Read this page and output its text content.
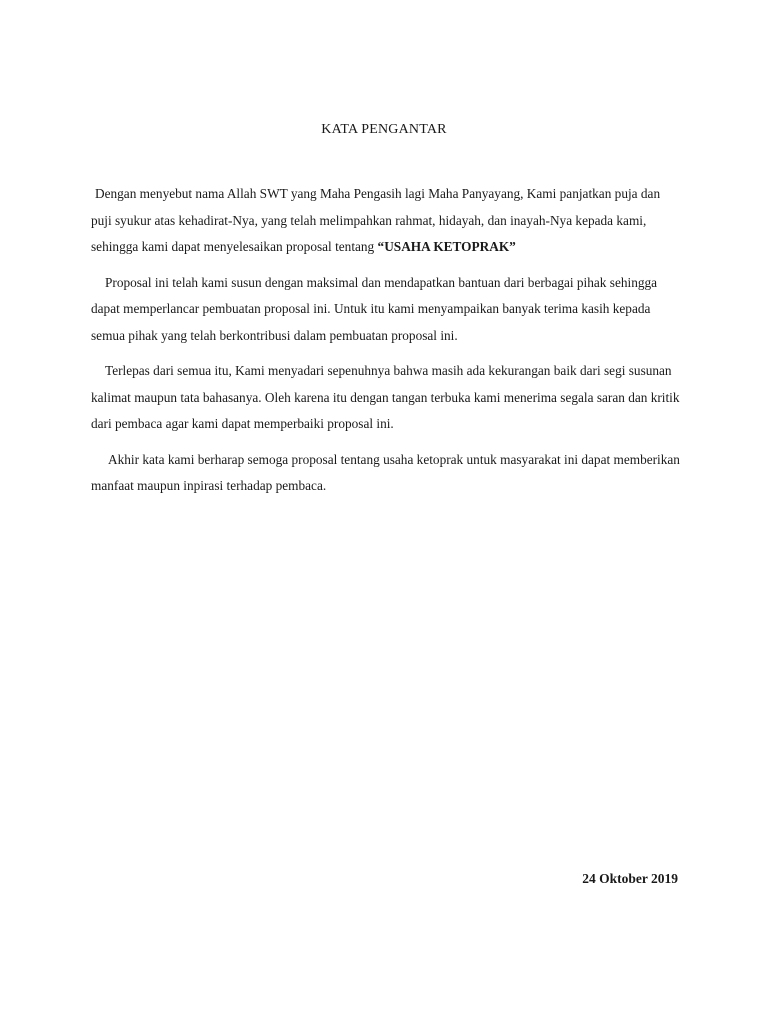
KATA PENGANTAR

Dengan menyebut nama Allah SWT yang Maha Pengasih lagi Maha Panyayang, Kami panjatkan puja dan puji syukur atas kehadirat-Nya, yang telah melimpahkan rahmat, hidayah, dan inayah-Nya kepada kami, sehingga kami dapat menyelesaikan proposal tentang “USAHA KETOPRAK”

Proposal ini telah kami susun dengan maksimal dan mendapatkan bantuan dari berbagai pihak sehingga dapat memperlancar pembuatan proposal ini. Untuk itu kami menyampaikan banyak terima kasih kepada semua pihak yang telah berkontribusi dalam pembuatan proposal ini.

Terlepas dari semua itu, Kami menyadari sepenuhnya bahwa masih ada kekurangan baik dari segi susunan kalimat maupun tata bahasanya. Oleh karena itu dengan tangan terbuka kami menerima segala saran dan kritik dari pembaca agar kami dapat memperbaiki proposal ini.

Akhir kata kami berharap semoga proposal tentang usaha ketoprak untuk masyarakat ini dapat memberikan manfaat maupun inpirasi terhadap pembaca.

24 Oktober 2019
